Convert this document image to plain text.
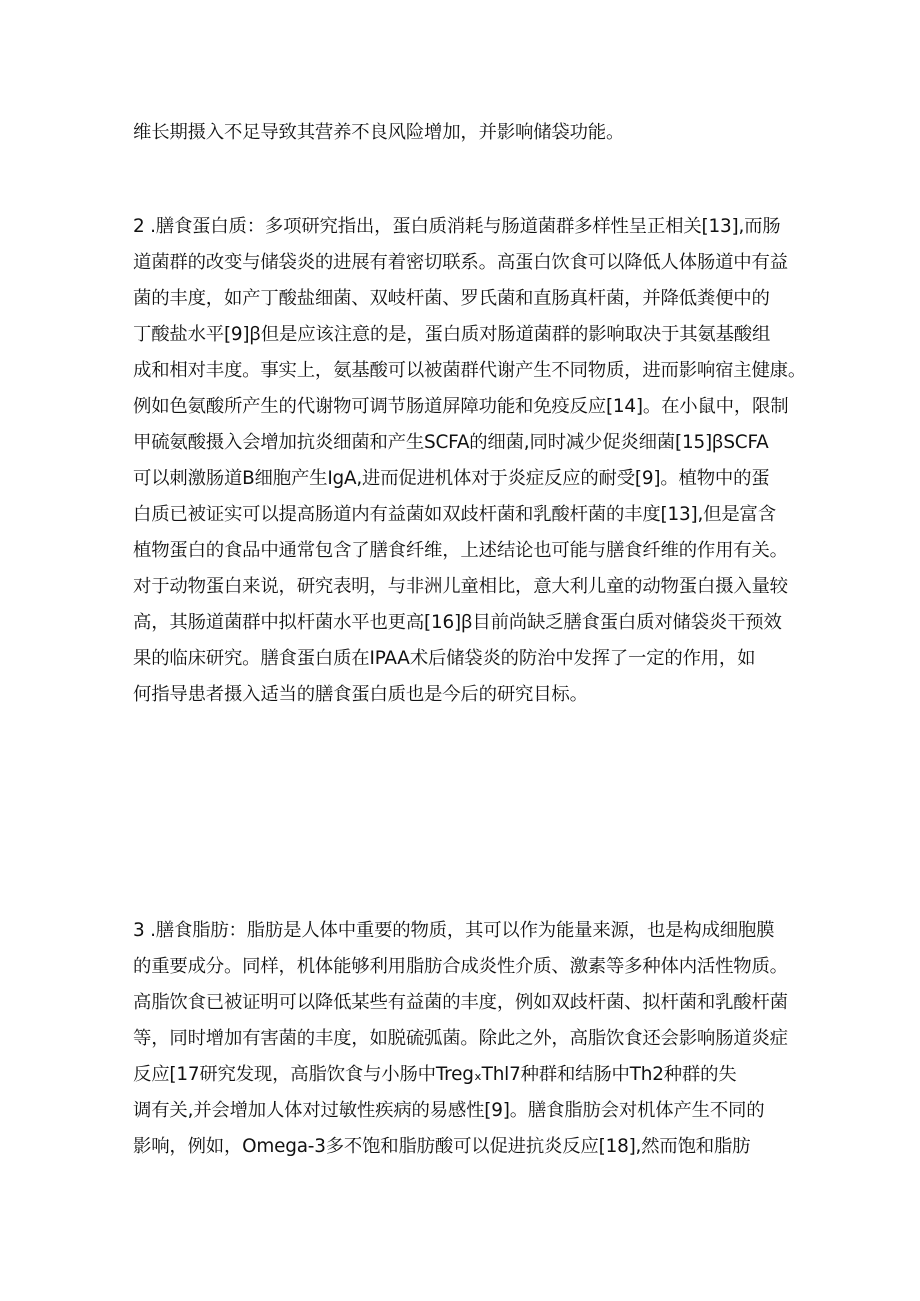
维长期摄入不足导致其营养不良风险增加，并影响储袋功能。
2 .膳食蛋白质：多项研究指出，蛋白质消耗与肠道菌群多样性呈正相关[13],而肠
道菌群的改变与储袋炎的进展有着密切联系。高蛋白饮食可以降低人体肠道中有益
菌的丰度，如产丁酸盐细菌、双岐杆菌、罗氏菌和直肠真杆菌，并降低粪便中的
丁酸盐水平[9]ꞵ但是应该注意的是，蛋白质对肠道菌群的影响取决于其氨基酸组
成和相对丰度。事实上，氨基酸可以被菌群代谢产生不同物质，进而影响宿主健康。
例如色氨酸所产生的代谢物可调节肠道屏障功能和免疫反应[14]。在小鼠中，限制
甲硫氨酸摄入会增加抗炎细菌和产生SCFA的细菌,同时减少促炎细菌[15]ꞵSCFA
可以刺激肠道B细胞产生IgA,进而促进机体对于炎症反应的耐受[9]。植物中的蛋
白质已被证实可以提高肠道内有益菌如双歧杆菌和乳酸杆菌的丰度[13],但是富含
植物蛋白的食品中通常包含了膳食纤维，上述结论也可能与膳食纤维的作用有关。
对于动物蛋白来说，研究表明，与非洲儿童相比，意大利儿童的动物蛋白摄入量较
高，其肠道菌群中拟杆菌水平也更高[16]ꞵ目前尚缺乏膳食蛋白质对储袋炎干预效
果的临床研究。膳食蛋白质在IPAA术后储袋炎的防治中发挥了一定的作用，如
何指导患者摄入适当的膳食蛋白质也是今后的研究目标。
3 .膳食脂肪：脂肪是人体中重要的物质，其可以作为能量来源，也是构成细胞膜
的重要成分。同样，机体能够利用脂肪合成炎性介质、激素等多种体内活性物质。
高脂饮食已被证明可以降低某些有益菌的丰度，例如双歧杆菌、拟杆菌和乳酸杆菌
等，同时增加有害菌的丰度，如脱硫弧菌。除此之外，高脂饮食还会影响肠道炎症
反应[17研究发现，高脂饮食与小肠中TregₓThl7种群和结肠中Th2种群的失
调有关,并会增加人体对过敏性疾病的易感性[9]。膳食脂肪会对机体产生不同的
影响，例如，Omega-3多不饱和脂肪酸可以促进抗炎反应[18],然而饱和脂肪
